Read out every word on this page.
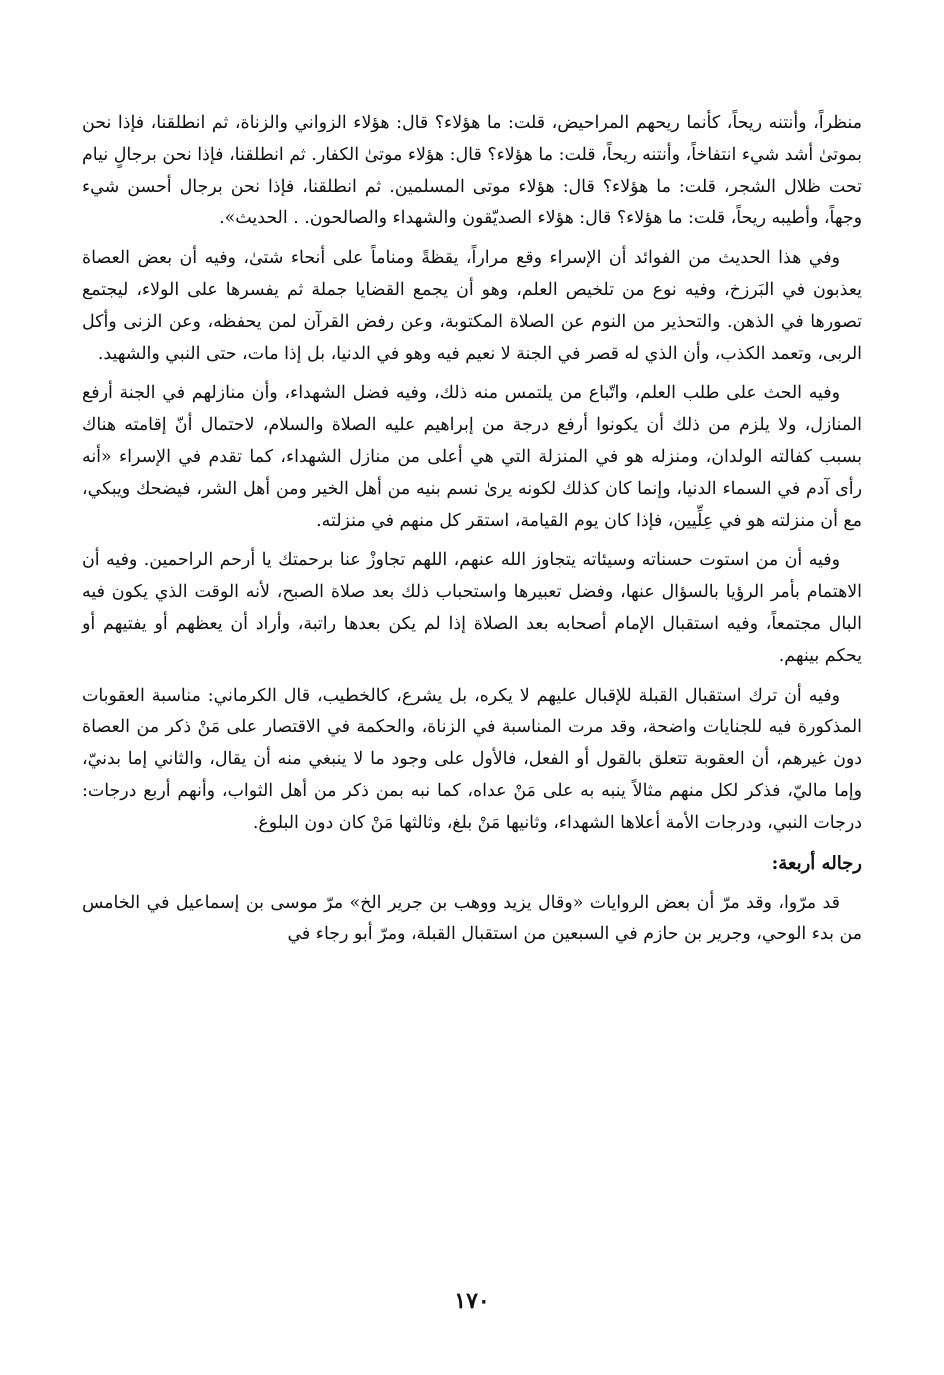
منظراً، وأنتنه ريحاً، كأنما ريحهم المراحيض، قلت: ما هؤلاء؟ قال: هؤلاء الزواني والزناة، ثم انطلقنا، فإذا نحن بموتىٰ أشد شيء انتفاخاً، وأنتنه ريحاً، قلت: ما هؤلاء؟ قال: هؤلاء موتىٰ الكفار. ثم انطلقنا، فإذا نحن برجالٍ نيام تحت ظلال الشجر، قلت: ما هؤلاء؟ قال: هؤلاء موتى المسلمين. ثم انطلقنا، فإذا نحن برجال أحسن شيء وجهاً، وأطيبه ريحاً، قلت: ما هؤلاء؟ قال: هؤلاء الصديّقون والشهداء والصالحون. . الحديث».

وفي هذا الحديث من الفوائد أن الإسراء وقع مراراً، يقظةً ومناماً على أنحاء شتىٰ، وفيه أن بعض العصاة يعذبون في البَرزخ، وفيه نوع من تلخيص العلم، وهو أن يجمع القضايا جملة ثم يفسرها على الولاء، ليجتمع تصورها في الذهن. والتحذير من النوم عن الصلاة المكتوبة، وعن رفض القرآن لمن يحفظه، وعن الزنى وأكل الربى، وتعمد الكذب، وأن الذي له قصر في الجنة لا نعيم فيه وهو في الدنيا، بل إذا مات، حتى النبي والشهيد.

وفيه الحث على طلب العلم، واتّباع من يلتمس منه ذلك، وفيه فضل الشهداء، وأن منازلهم في الجنة أرفع المنازل، ولا يلزم من ذلك أن يكونوا أرفع درجة من إبراهيم عليه الصلاة والسلام، لاحتمال أنّ إقامته هناك بسبب كفالته الولدان، ومنزله هو في المنزلة التي هي أعلى من منازل الشهداء، كما تقدم في الإسراء «أنه رأى آدم في السماء الدنيا، وإنما كان كذلك لكونه يرىٰ نسم بنيه من أهل الخير ومن أهل الشر، فيضحك ويبكي، مع أن منزلته هو في عِلِّيين، فإذا كان يوم القيامة، استقر كل منهم في منزلته.

وفيه أن من استوت حسناته وسيئاته يتجاوز الله عنهم، اللهم تجاوزْ عنا برحمتك يا أرحم الراحمين. وفيه أن الاهتمام بأمر الرؤيا بالسؤال عنها، وفضل تعبيرها واستحباب ذلك بعد صلاة الصبح، لأنه الوقت الذي يكون فيه البال مجتمعاً، وفيه استقبال الإمام أصحابه بعد الصلاة إذا لم يكن بعدها راتبة، وأراد أن يعظهم أو يفتيهم أو يحكم بينهم.

وفيه أن ترك استقبال القبلة للإقبال عليهم لا يكره، بل يشرع، كالخطيب، قال الكرماني: مناسبة العقوبات المذكورة فيه للجنايات واضحة، وقد مرت المناسبة في الزناة، والحكمة في الاقتصار على مَنْ ذكر من العصاة دون غيرهم، أن العقوبة تتعلق بالقول أو الفعل، فالأول على وجود ما لا ينبغي منه أن يقال، والثاني إما بدنيّ، وإما ماليّ، فذكر لكل منهم مثالاً ينبه به على مَنْ عداه، كما نبه بمن ذكر من أهل الثواب، وأنهم أربع درجات: درجات النبي، ودرجات الأمة أعلاها الشهداء، وثانيها مَنْ بلغ، وثالثها مَنْ كان دون البلوغ.

رجاله أربعة:

قد مرّوا، وقد مرّ أن بعض الروايات «وقال يزيد ووهب بن جرير الخ» مرّ موسى بن إسماعيل في الخامس من بدء الوحي، وجرير بن حازم في السبعين من استقبال القبلة، ومرّ أبو رجاء في

١٧٠
